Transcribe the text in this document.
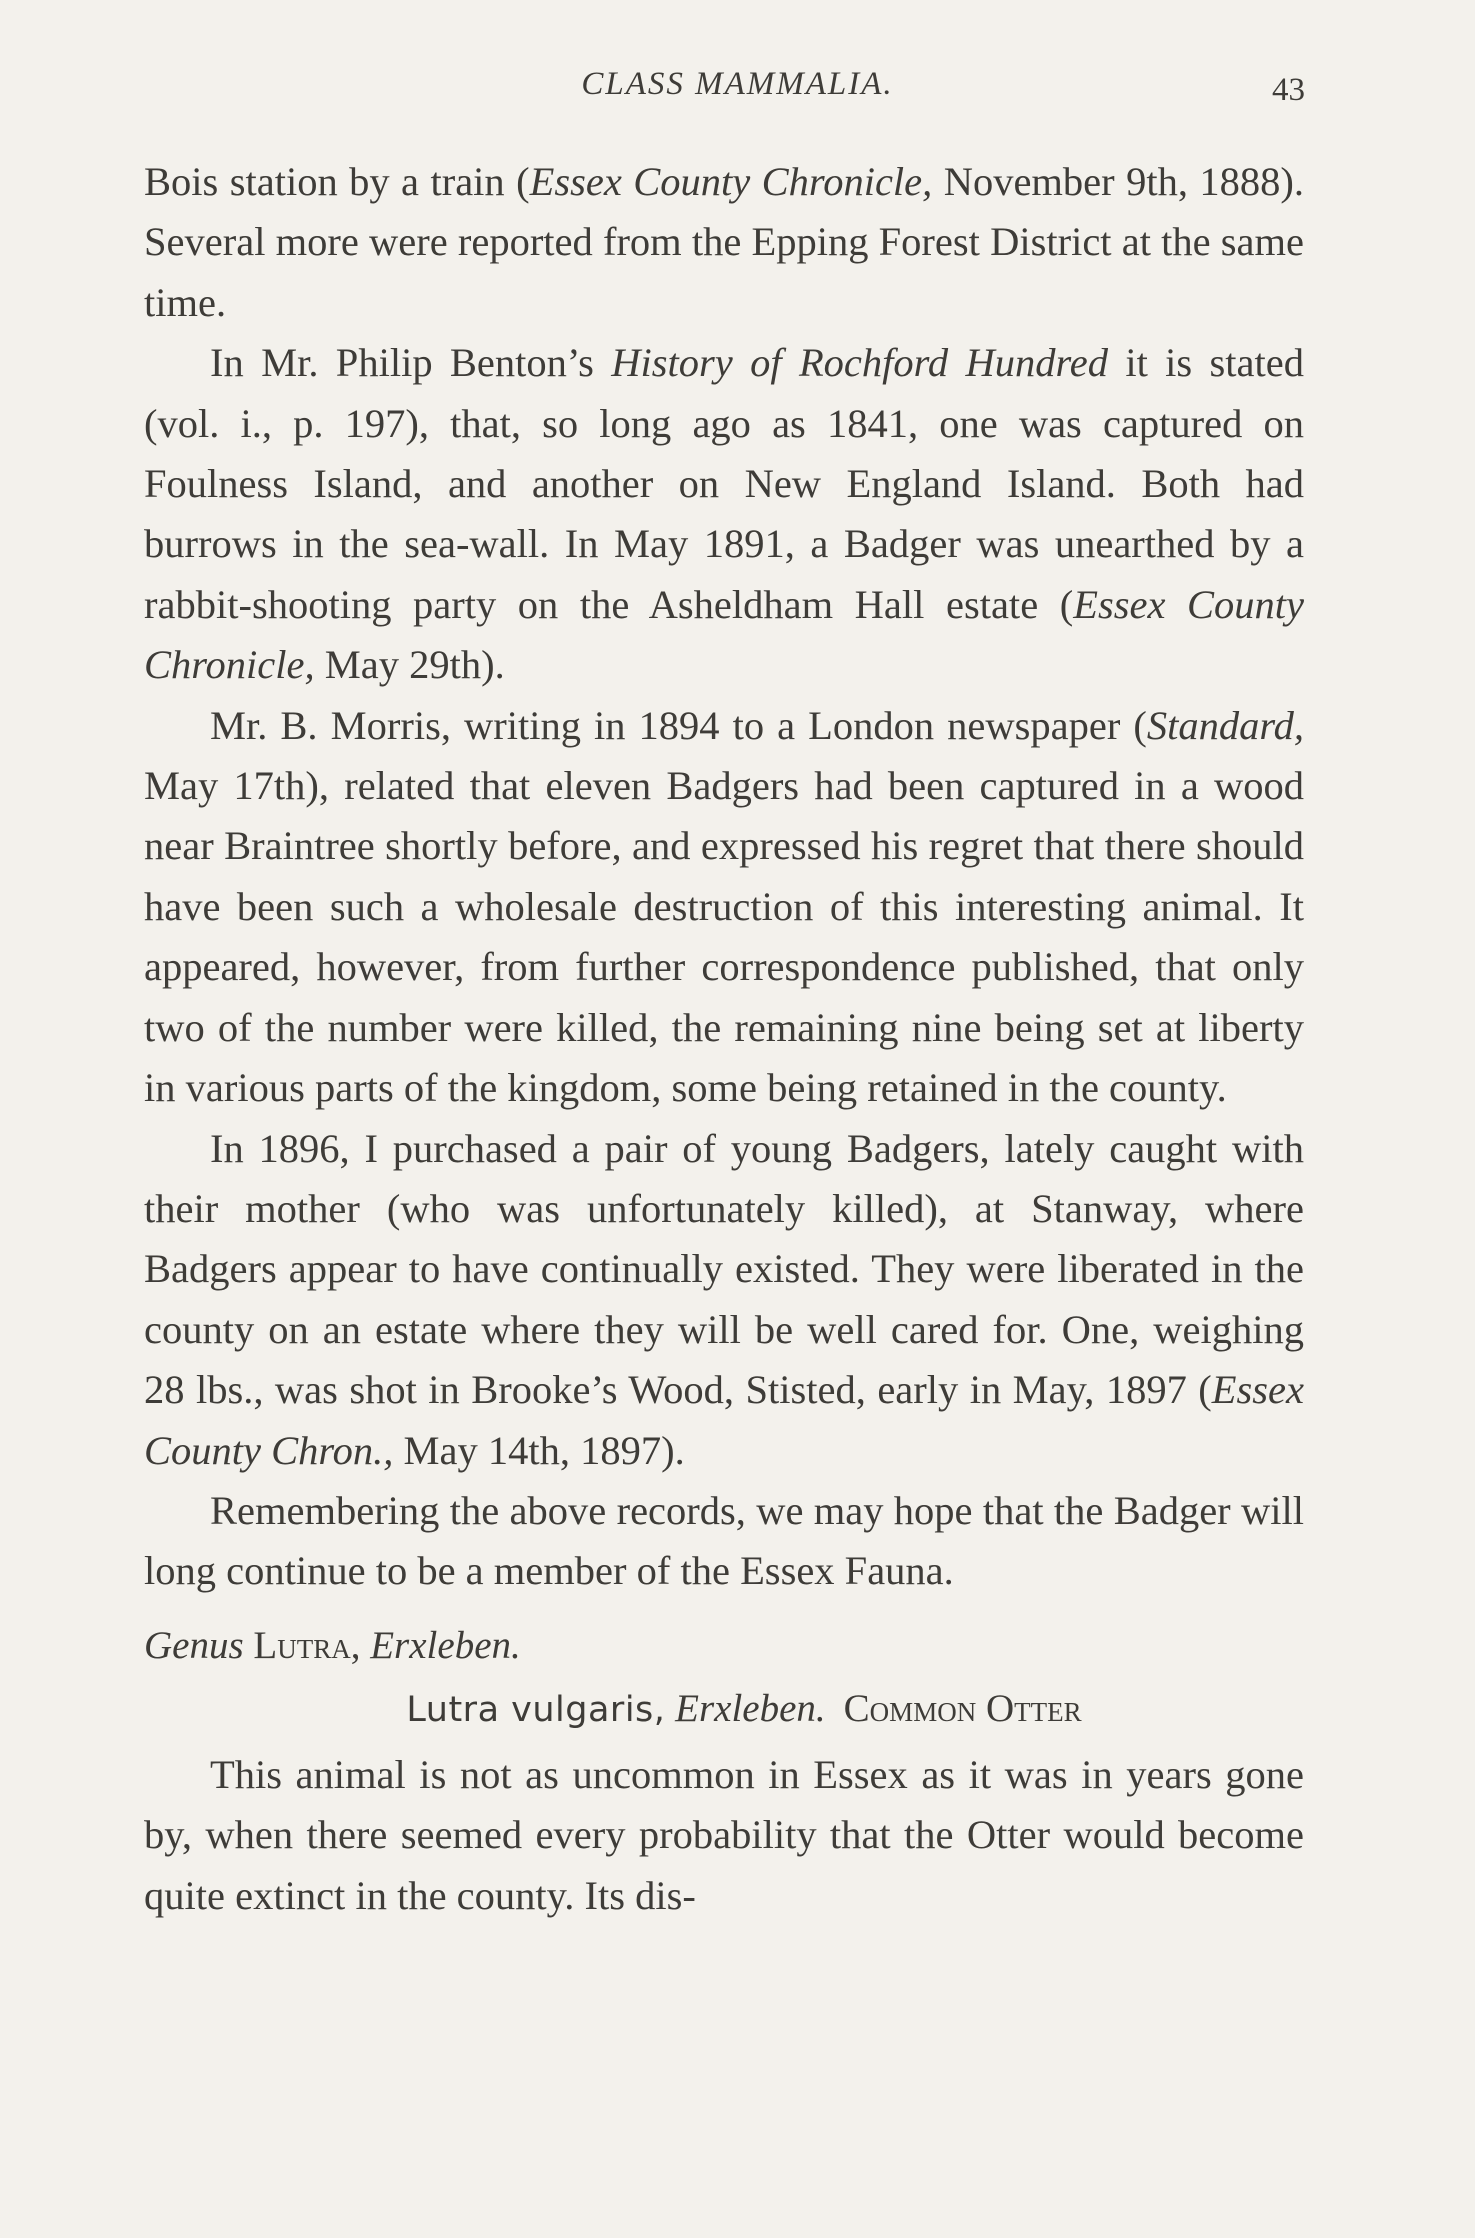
CLASS MAMMALIA.	43

Bois station by a train (Essex County Chronicle, November 9th, 1888). Several more were reported from the Epping Forest District at the same time.

In Mr. Philip Benton’s History of Rochford Hundred it is stated (vol. i., p. 197), that, so long ago as 1841, one was captured on Foulness Island, and another on New England Island. Both had burrows in the sea-wall. In May 1891, a Badger was unearthed by a rabbit-shooting party on the Asheldham Hall estate (Essex County Chronicle, May 29th).

Mr. B. Morris, writing in 1894 to a London newspaper (Standard, May 17th), related that eleven Badgers had been captured in a wood near Braintree shortly before, and expressed his regret that there should have been such a wholesale destruction of this interesting animal. It appeared, however, from further correspondence published, that only two of the number were killed, the remaining nine being set at liberty in various parts of the kingdom, some being retained in the county.

In 1896, I purchased a pair of young Badgers, lately caught with their mother (who was unfortunately killed), at Stanway, where Badgers appear to have continually existed. They were liberated in the county on an estate where they will be well cared for. One, weighing 28 lbs., was shot in Brooke’s Wood, Stisted, early in May, 1897 (Essex County Chron., May 14th, 1897).

Remembering the above records, we may hope that the Badger will long continue to be a member of the Essex Fauna.

Genus Lutra, Erxleben.
Lutra vulgaris, Erxleben. Common Otter

This animal is not as uncommon in Essex as it was in years gone by, when there seemed every probability that the Otter would become quite extinct in the county. Its dis-
